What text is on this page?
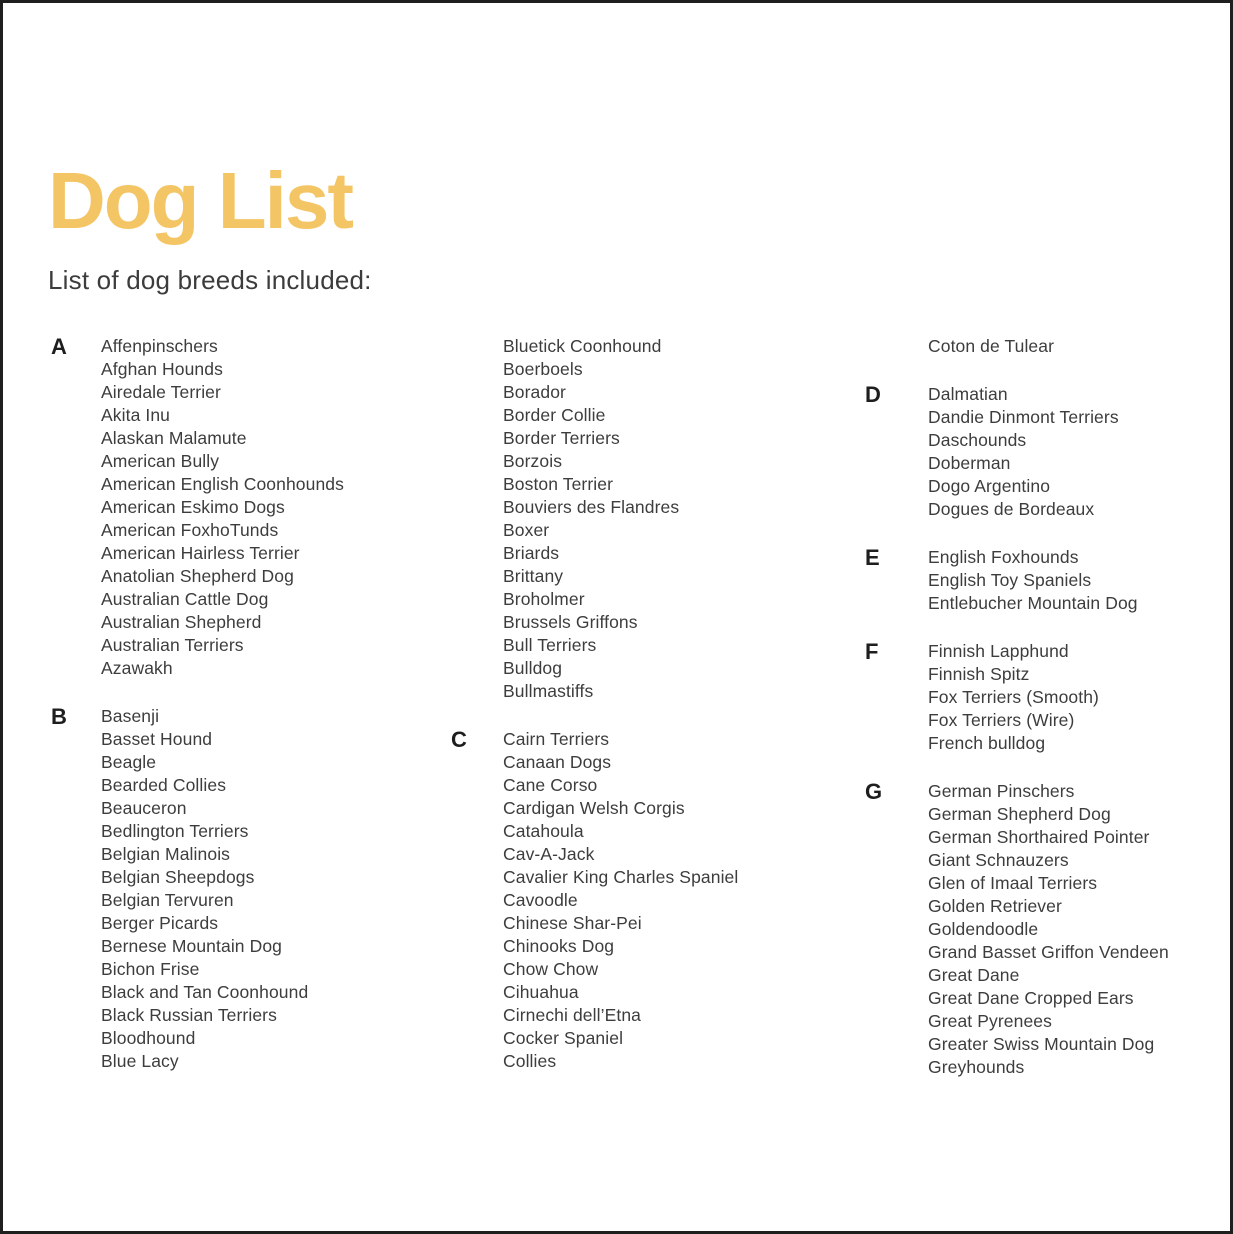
Dog List
List of dog breeds included:
A	Affenpinschers
Afghan Hounds
Airedale Terrier
Akita Inu
Alaskan Malamute
American Bully
American English Coonhounds
American Eskimo Dogs
American FoxhoTunds
American Hairless Terrier
Anatolian Shepherd Dog
Australian Cattle Dog
Australian Shepherd
Australian Terriers
Azawakh
B	Basenji
Basset Hound
Beagle
Bearded Collies
Beauceron
Bedlington Terriers
Belgian Malinois
Belgian Sheepdogs
Belgian Tervuren
Berger Picards
Bernese Mountain Dog
Bichon Frise
Black and Tan Coonhound
Black Russian Terriers
Bloodhound
Blue Lacy
Bluetick Coonhound
Boerboels
Borador
Border Collie
Border Terriers
Borzois
Boston Terrier
Bouviers des Flandres
Boxer
Briards
Brittany
Broholmer
Brussels Griffons
Bull Terriers
Bulldog
Bullmastiffs
C	Cairn Terriers
Canaan Dogs
Cane Corso
Cardigan Welsh Corgis
Catahoula
Cav-A-Jack
Cavalier King Charles Spaniel
Cavoodle
Chinese Shar-Pei
Chinooks Dog
Chow Chow
Cihuahua
Cirnechi dell’Etna
Cocker Spaniel
Collies
Coton de Tulear
D	Dalmatian
Dandie Dinmont Terriers
Daschounds
Doberman
Dogo Argentino
Dogues de Bordeaux
E	English Foxhounds
English Toy Spaniels
Entlebucher Mountain Dog
F	Finnish Lapphund
Finnish Spitz
Fox Terriers (Smooth)
Fox Terriers (Wire)
French bulldog
G	German Pinschers
German Shepherd Dog
German Shorthaired Pointer
Giant Schnauzers
Glen of Imaal Terriers
Golden Retriever
Goldendoodle
Grand Basset Griffon Vendeen
Great Dane
Great Dane Cropped Ears
Great Pyrenees
Greater Swiss Mountain Dog
Greyhounds
